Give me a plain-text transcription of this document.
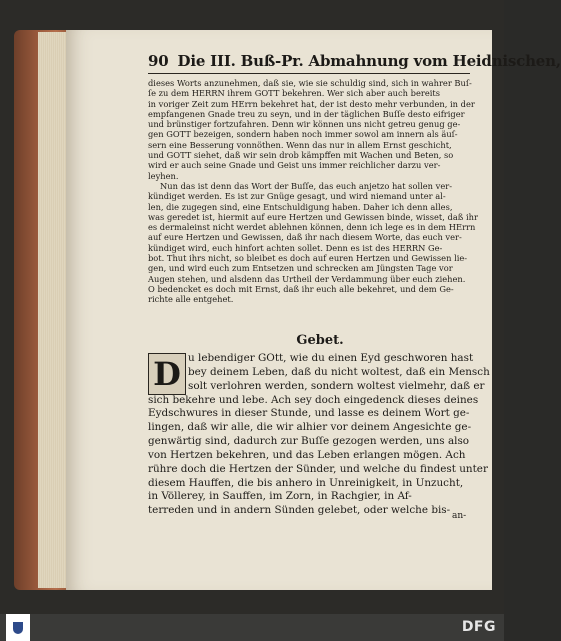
90 Die III. Buß-Pr. Abmahnung vom Heidnischen,
dieses Worts anzunehmen, daß sie, wie sie schuldig sind, sich in wahrer Buſ-
ſe zu dem HERRN ihrem GOTT bekehren. Wer sich aber auch bereits
in voriger Zeit zum HErrn bekehret hat, der ist desto mehr verbunden, in der
empfangenen Gnade treu zu seyn, und in der täglichen Buſſe desto eifriger
und brünstiger fortzufahren. Denn wir können uns nicht getreu genug ge-
gen GOTT bezeigen, sondern haben noch immer sowol am innern als äuſ-
sern eine Besserung vonnöthen. Wenn das nur in allem Ernst geschicht,
und GOTT siehet, daß wir sein drob kämpffen mit Wachen und Beten, so
wird er auch seine Gnade und Geist uns immer reichlicher darzu ver-
leyhen.
Nun das ist denn das Wort der Buſſe, das euch anjetzo hat sollen ver-
kündiget werden. Es ist zur Gnüge gesagt, und wird niemand unter al-
len, die zugegen sind, eine Entschuldigung haben. Daher ich denn alles,
was geredet ist, hiermit auf eure Hertzen und Gewissen binde, wisset, daß ihr
es dermaleinst nicht werdet ablehnen können, denn ich lege es in dem HErrn
auf eure Hertzen und Gewissen, daß ihr nach diesem Worte, das euch ver-
kündiget wird, euch hinfort achten sollet. Denn es ist des HERRN Ge-
bot. Thut ihrs nicht, so bleibet es doch auf euren Hertzen und Gewissen lie-
gen, und wird euch zum Entsetzen und schrecken am Jüngsten Tage vor
Augen stehen, und alsdenn das Urtheil der Verdammung über euch ziehen.
O bedencket es doch mit Ernst, daß ihr euch alle bekehret, und dem Ge-
richte alle entgehet.
Gebet.
D u lebendiger GOtt, wie du einen Eyd geschworen hast
bey deinem Leben, daß du nicht woltest, daß ein Mensch
solt verlohren werden, sondern woltest vielmehr, daß er
sich bekehre und lebe. Ach sey doch eingedenck dieses deines
Eydschwures in dieser Stunde, und lasse es deinem Wort ge-
lingen, daß wir alle, die wir alhier vor deinem Angesichte ge-
genwärtig sind, dadurch zur Buſſe gezogen werden, uns also
von Hertzen bekehren, und das Leben erlangen mögen. Ach
rühre doch die Hertzen der Sünder, und welche du findest unter
diesem Hauffen, die bis anhero in Unreinigkeit, in Unzucht,
in Völlerey, in Sauffen, im Zorn, in Rachgier, in Af-
terreden und in andern Sünden gelebet, oder welche bis- an-
DFG
